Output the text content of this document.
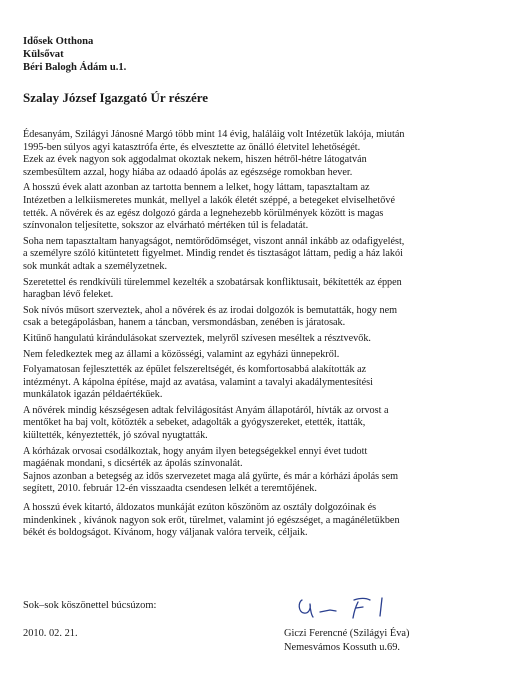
Idősek Otthona
Külsővat
Béri Balogh Ádám u.1.
Szalay József Igazgató Úr részére
Édesanyám, Szilágyi Jánosné Margó több mint 14 évig, haláláig volt Intézetük lakója, miután
1995-ben súlyos agyi katasztrófa érte, és elvesztette az önálló életvitel lehetőségét.
Ezek az évek nagyon sok aggodalmat okoztak nekem, hiszen hétről-hétre látogatván
szembesültem azzal, hogy hiába az odaadó ápolás az egészsége romokban hever.
A hosszú évek alatt azonban az tartotta bennem a lelket, hogy láttam, tapasztaltam az
Intézetben a lelkiismeretes munkát, mellyel a lakók életét széppé, a betegeket elviselhetővé
tették. A nővérek és az egész dolgozó gárda a legnehezebb körülmények között is magas
színvonalon teljesítette, sokszor az elvárható mértéken túl is feladatát.
Soha nem tapasztaltam hanyagságot, nemtörődömséget, viszont annál inkább az odafigyelést,
a személyre szóló kitüntetett figyelmet. Mindig rendet és tisztaságot láttam, pedig a ház lakói
sok munkát adtak a személyzetnek.
Szeretettel és rendkívüli türelemmel kezelték a szobatársak konfliktusait, békítették az éppen
haragban lévő feleket.
Sok nívós műsort szerveztek, ahol a nővérek és az irodai dolgozók is bemutatták, hogy nem
csak a betegápolásban, hanem a táncban, versmondásban, zenében is járatosak.
Kitűnő hangulatú kirándulásokat szerveztek, melyről szívesen meséltek a résztvevők.
Nem feledkeztek meg az állami a közösségi, valamint az egyházi ünnepekről.
Folyamatosan fejlesztették az épület felszereltségét, és komfortosabbá alakították az
intézményt. A kápolna építése, majd az avatása, valamint a tavalyi akadálymentesítési
munkálatok igazán példaértékűek.
A nővérek mindig készségesen adtak felvilágosítást Anyám állapotáról, hívták az orvost a
mentőket ha baj volt, kötözték a sebeket, adagolták a gyógyszereket, etették, itatták,
kiültették, kényeztették, jó szóval nyugtatták.
A kórházak orvosai csodálkoztak, hogy anyám ilyen betegségekkel ennyi évet tudott
magáénak mondani, s dicsérték az ápolás színvonalát.
Sajnos azonban a betegség az idős szervezetet maga alá gyűrte, és már a kórházi ápolás sem
segített, 2010. február 12-én visszaadta csendesen lelkét a teremtőjének.
A hosszú évek kitartó, áldozatos munkáját ezúton köszönöm az osztály dolgozóinak és
mindenkinek , kívánok nagyon sok erőt, türelmet, valamint jó egészséget, a magánéletükben
békét és boldogságot. Kívánom, hogy váljanak valóra terveik, céljaik.
Sok–sok köszönettel búcsúzom:
2010. 02. 21.	Giczi Ferencné (Szilágyi Éva)
Nemesvámos Kossuth u.69.
